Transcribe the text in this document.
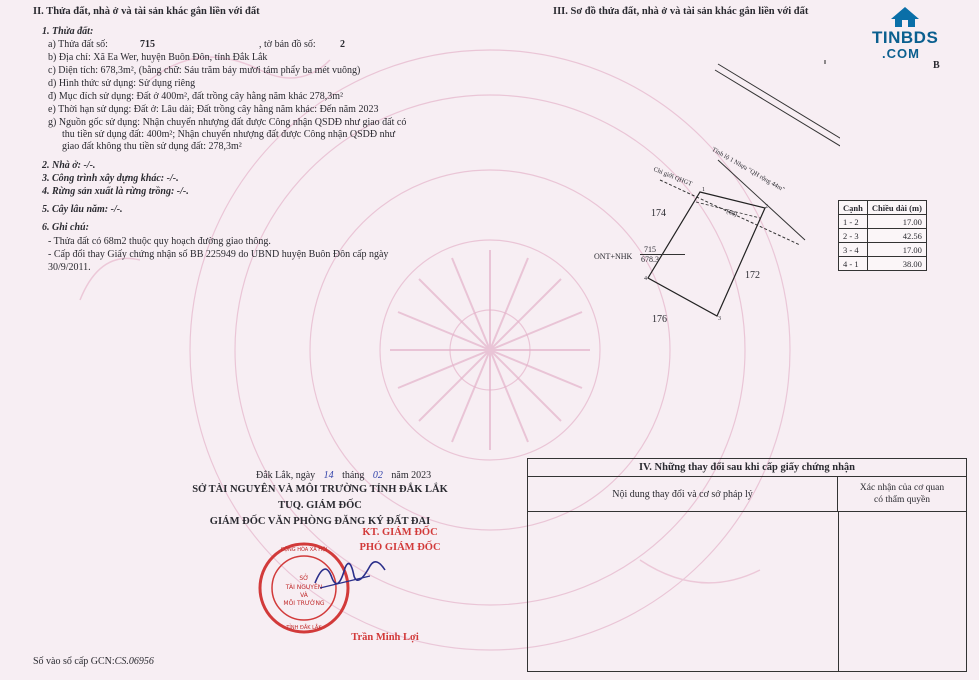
II. Thửa đất, nhà ở và tài sản khác gắn liền với đất
1. Thửa đất:
a) Thửa đất số:	715	, tờ bản đồ số: 2
b) Địa chỉ: Xã Ea Wer, huyện Buôn Đôn, tỉnh Đắk Lắk
c) Diện tích: 678,3m², (bằng chữ: Sáu trăm bảy mươi tám phẩy ba mét vuông)
d) Hình thức sử dụng: Sử dụng riêng
đ) Mục đích sử dụng: Đất ở 400m², đất trồng cây hằng năm khác 278,3m²
e) Thời hạn sử dụng: Đất ở: Lâu dài; Đất trồng cây hằng năm khác: Đến năm 2023
g) Nguồn gốc sử dụng: Nhận chuyển nhượng đất được Công nhận QSDĐ như giao đất có
thu tiền sử dụng đất: 400m²; Nhận chuyển nhượng đất được Công nhận QSDĐ như
giao đất không thu tiền sử dụng đất: 278,3m²
2. Nhà ở: -/-.
3. Công trình xây dựng khác: -/-.
4. Rừng sản xuất là rừng trồng: -/-.
5. Cây lâu năm: -/-.
6. Ghi chú:
- Thửa đất có 68m2 thuộc quy hoạch đường giao thông.
- Cấp đổi thay Giấy chứng nhận số BB 225949 do UBND huyện Buôn Đôn cấp ngày
30/9/2011.
Đắk Lắk, ngày 14 tháng 02 năm 2023
SỞ TÀI NGUYÊN VÀ MÔI TRƯỜNG TỈNH ĐẮK LẮK
TUQ. GIÁM ĐỐC
GIÁM ĐỐC VĂN PHÒNG ĐĂNG KÝ ĐẤT ĐAI
KT. GIÁM ĐỐC
PHÓ GIÁM ĐỐC
SỞ
TÀI NGUYÊN
VÀ
MÔI TRƯỜNG
CỘNG HÒA XÃ HỘI
TỈNH ĐẮK LẮK
Trần Minh Lợi
Số vào sổ cấp GCN:CS.06956
III. Sơ đồ thửa đất, nhà ở và tài sản khác gắn liền với đất
TINBDS
.COM
B
Tỉnh lộ 1 Nhựa "QH rộng 44m"
Chỉ giới QHGT
(68)
174
172
176
ONT+NHK
715
678.3
1
2
3
4
Cạnh	Chiều dài (m)
1 - 2	17.00
2 - 3	42.56
3 - 4	17.00
4 - 1	38.00
IV. Những thay đổi sau khi cấp giấy chứng nhận
Nội dung thay đổi và cơ sở pháp lý
Xác nhận của cơ quan
có thẩm quyền
